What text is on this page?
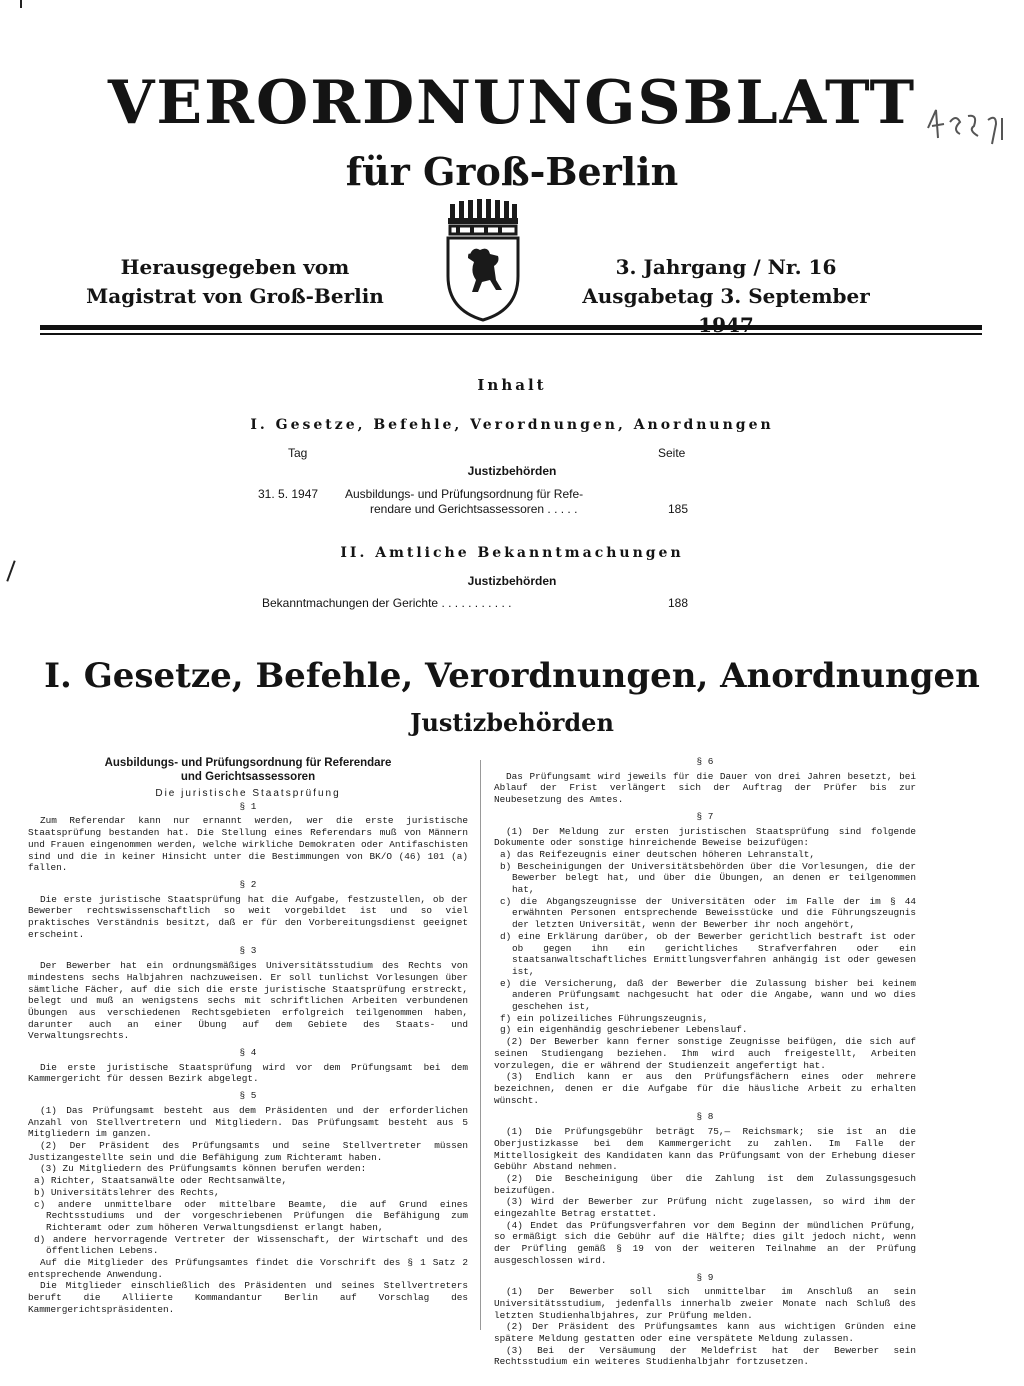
VERORDNUNGSBLATT
für Groß-Berlin
Herausgegeben vom
Magistrat von Groß-Berlin
3. Jahrgang / Nr. 16
Ausgabetag 3. September
Inhalt
I. Gesetze, Befehle, Verordnungen, Anordnungen
Tag	Seite
Justizbehörden
31. 5. 1947 Ausbildungs- und Prüfungsordnung für Refe-
rendare und Gerichtsassessoren . . . . .	185
II. Amtliche Bekanntmachungen
Justizbehörden
Bekanntmachungen der Gerichte . . . . . . . . . . .	188
I. Gesetze, Befehle, Verordnungen, Anordnungen
Justizbehörden
Ausbildungs- und Prüfungsordnung für Referendare
und Gerichtsassessoren
Die juristische Staatsprüfung

§ 1

Zum Referendar kann nur ernannt werden, wer die erste juristische Staatsprüfung bestanden hat. Die Stellung eines Referendars muß von Männern und Frauen eingenommen werden, welche wirkliche Demokraten oder Antifaschisten sind und die in keiner Hinsicht unter die Bestimmungen von BK/O (46) 101 (a) fallen.

§ 2

Die erste juristische Staatsprüfung hat die Aufgabe, festzustellen, ob der Bewerber rechtswissenschaftlich so weit vorgebildet ist und so viel praktisches Verständnis besitzt, daß er für den Vorbereitungsdienst geeignet erscheint.

§ 3

Der Bewerber hat ein ordnungsmäßiges Universitätsstudium des Rechts von mindestens sechs Halbjahren nachzuweisen. Er soll tunlichst Vorlesungen über sämtliche Fächer, auf die sich die erste juristische Staatsprüfung erstreckt, belegt und muß an wenigstens sechs mit schriftlichen Arbeiten verbundenen Übungen aus verschiedenen Rechtsgebieten erfolgreich teilgenommen haben, darunter auch an einer Übung auf dem Gebiete des Staats- und Verwaltungsrechts.

§ 4

Die erste juristische Staatsprüfung wird vor dem Prüfungsamt bei dem Kammergericht für dessen Bezirk abgelegt.

§ 5

(1) Das Prüfungsamt besteht aus dem Präsidenten und der erforderlichen Anzahl von Stellvertretern und Mitgliedern. Das Prüfungsamt besteht aus 5 Mitgliedern im ganzen.

(2) Der Präsident des Prüfungsamts und seine Stellvertreter müssen Justizangestellte sein und die Befähigung zum Richteramt haben.

(3) Zu Mitgliedern des Prüfungsamts können berufen werden:

a) Richter, Staatsanwälte oder Rechtsanwälte,

b) Universitätslehrer des Rechts,

c) andere unmittelbare oder mittelbare Beamte, die auf Grund eines Rechtsstudiums und der vorgeschriebenen Prüfungen die Befähigung zum Richteramt oder zum höheren Verwaltungsdienst erlangt haben,

d) andere hervorragende Vertreter der Wissenschaft, der Wirtschaft und des öffentlichen Lebens.

Auf die Mitglieder des Prüfungsamtes findet die Vorschrift des § 1 Satz 2 entsprechende Anwendung.

Die Mitglieder einschließlich des Präsidenten und seines Stellvertreters beruft die Alliierte Kommandantur Berlin auf Vorschlag des Kammergerichtspräsidenten.

§ 6

Das Prüfungsamt wird jeweils für die Dauer von drei Jahren besetzt, bei Ablauf der Frist verlängert sich der Auftrag der Prüfer bis zur Neubesetzung des Amtes.

§ 7

(1) Der Meldung zur ersten juristischen Staatsprüfung sind folgende Dokumente oder sonstige hinreichende Beweise beizufügen:

a) das Reifezeugnis einer deutschen höheren Lehranstalt,

b) Bescheinigungen der Universitätsbehörden über die Vorlesungen, die der Bewerber belegt hat, und über die Übungen, an denen er teilgenommen hat,

c) die Abgangszeugnisse der Universitäten oder im Falle der im § 44 erwähnten Personen entsprechende Beweisstücke und die Führungszeugnis der letzten Universität, wenn der Bewerber ihr noch angehört,

d) eine Erklärung darüber, ob der Bewerber gerichtlich bestraft ist oder ob gegen ihn ein gerichtliches Strafverfahren oder ein staatsanwaltschaftliches Ermittlungsverfahren anhängig ist oder gewesen ist,

e) die Versicherung, daß der Bewerber die Zulassung bisher bei keinem anderen Prüfungsamt nachgesucht hat oder die Angabe, wann und wo dies geschehen ist,

f) ein polizeiliches Führungszeugnis,

g) ein eigenhändig geschriebener Lebenslauf.

(2) Der Bewerber kann ferner sonstige Zeugnisse beifügen, die sich auf seinen Studiengang beziehen. Ihm wird auch freigestellt, Arbeiten vorzulegen, die er während der Studienzeit angefertigt hat.

(3) Endlich kann er aus den Prüfungsfächern eines oder mehrere bezeichnen, denen er die Aufgabe für die häusliche Arbeit zu erhalten wünscht.

§ 8

(1) Die Prüfungsgebühr beträgt 75,— Reichsmark; sie ist an die Oberjustizkasse bei dem Kammergericht zu zahlen. Im Falle der Mittellosigkeit des Kandidaten kann das Prüfungsamt von der Erhebung dieser Gebühr Abstand nehmen.

(2) Die Bescheinigung über die Zahlung ist dem Zulassungsgesuch beizufügen.

(3) Wird der Bewerber zur Prüfung nicht zugelassen, so wird ihm der eingezahlte Betrag erstattet.

(4) Endet das Prüfungsverfahren vor dem Beginn der mündlichen Prüfung, so ermäßigt sich die Gebühr auf die Hälfte; dies gilt jedoch nicht, wenn der Prüfling gemäß § 19 von der weiteren Teilnahme an der Prüfung ausgeschlossen wird.

§ 9

(1) Der Bewerber soll sich unmittelbar im Anschluß an sein Universitätsstudium, jedenfalls innerhalb zweier Monate nach Schluß des letzten Studienhalbjahres, zur Prüfung melden.

(2) Der Präsident des Prüfungsamtes kann aus wichtigen Gründen eine spätere Meldung gestatten oder eine verspätete Meldung zulassen.

(3) Bei der Versäumung der Meldefrist hat der Bewerber sein Rechtsstudium ein weiteres Studienhalbjahr fortzusetzen.
